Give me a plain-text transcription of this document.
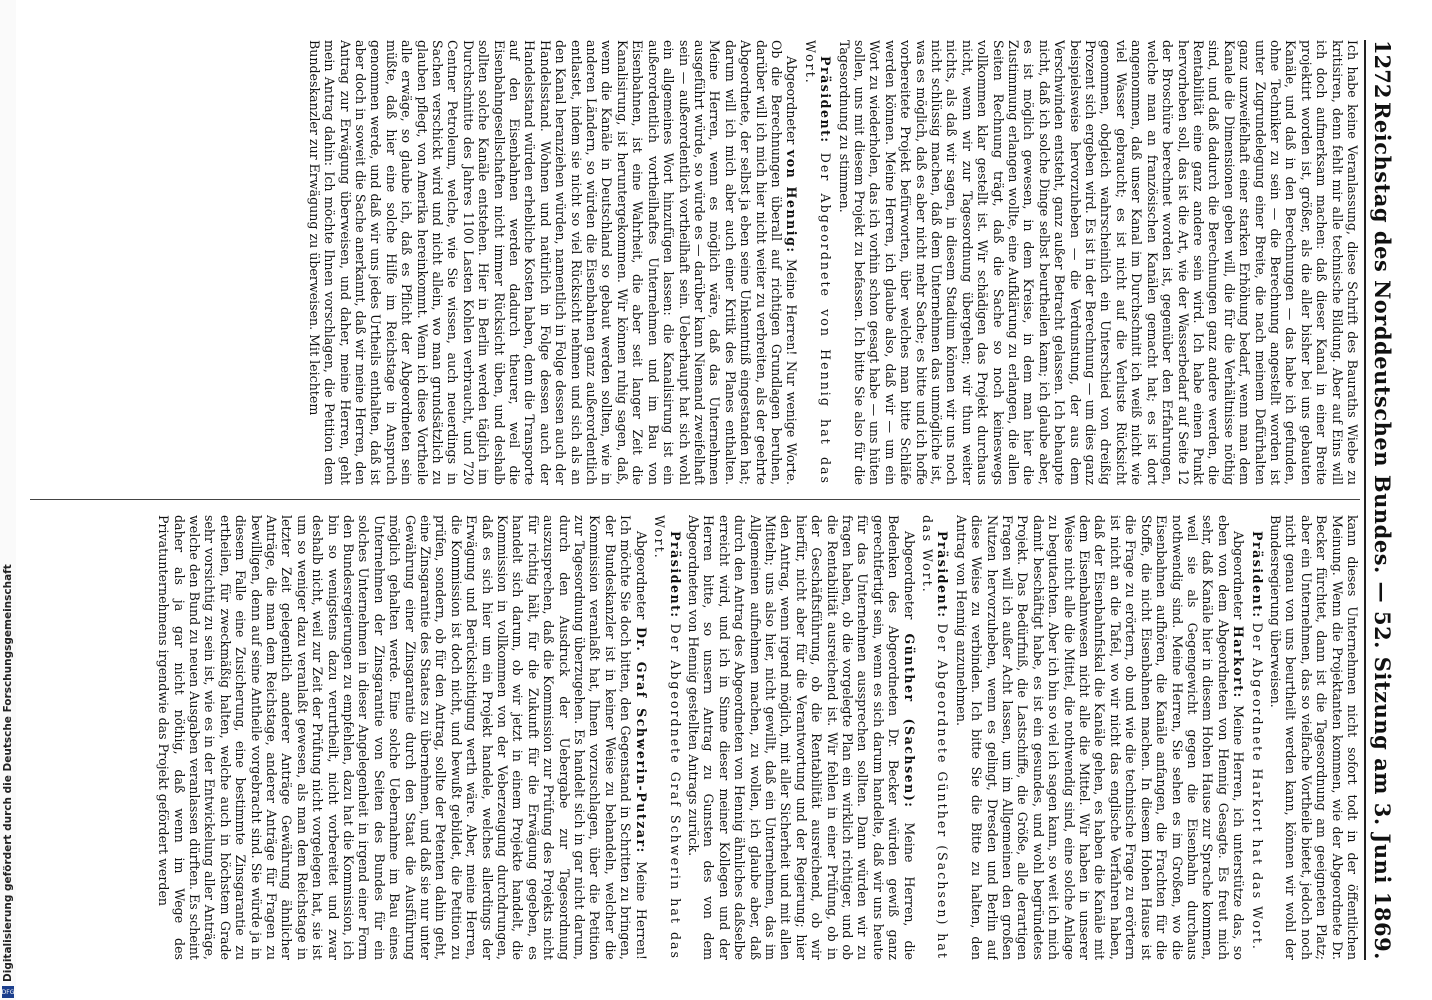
1272
Reichstag des Norddeutschen Bundes. — 52. Sitzung am 3. Juni 1869.

Ich habe keine Veranlassung, diese Schrift des Bauraths Wiebe zu kritisiren, denn fehlt mir alle technische Bildung. Aber auf Eins will ich doch aufmerksam machen: daß dieser Kanal in einer Breite projektirt worden ist, größer, als die aller bisher bei uns gebauten Kanäle, und daß in den Berechnungen — das habe ich gefunden, ohne Techniker zu sein — die Berechnung angestellt worden ist unter Zugrundelegung einer Breite, die nach meinem Dafürhalten ganz unzweifelhaft einer starken Erhöhung bedarf, wenn man dem Kanale die Dimensionen geben will, die für die Verhältnisse nöthig sind, und daß dadurch die Berechnungen ganz andere werden, die Rentabilität eine ganz andere sein wird. Ich habe einen Punkt hervorheben soll, das ist die Art, wie der Wasserbedarf auf Seite 12 der Broschüre berechnet worden ist, gegenüber den Erfahrungen, welche man an französischen Kanälen gemacht hat; es ist dort angenommen, daß unser Kanal im Durchschnitt ich weiß nicht wie viel Wasser gebraucht; es ist nicht auf die Verluste Rücksicht genommen, obgleich wahrscheinlich ein Unterschied von dreißig Prozent sich ergeben wird. Es ist in der Berechnung — um dies ganz beispielsweise hervorzuheben — die Verdunstung, der aus dem Verschwinden entsteht, ganz außer Betracht gelassen. Ich behaupte nicht, daß ich solche Dinge selbst beurtheilen kann; ich glaube aber, es ist möglich gewesen, in dem Kreise, in dem man hier die Zustimmung erlangen wollte, eine Aufklärung zu erlangen, die allen Seiten Rechnung trägt, daß die Sache so noch keineswegs vollkommen klar gestellt ist. Wir schädigen das Projekt durchaus nicht, wenn wir zur Tagesordnung übergehen; wir thun weiter nichts, als daß wir sagen, in diesem Stadium können wir uns noch nicht schlüssig machen, daß dem Unternehmen das unmögliche ist, was es möglich, daß es aber nicht mehr Sache; es bitte und ich hoffe vorbereitete Projekt befürworten, über welches man bitte Schläfe werden können. Meine Herren, ich glaube also, daß wir — um ein Wort zu wiederholen, das ich vorhin schon gesagt habe — uns hüten sollen, uns mit diesem Projekt zu befassen. Ich bitte Sie also für die Tagesordnung zu stimmen.

Präsident: Der Abgeordnete von Hennig hat das Wort.

Abgeordneter von Hennig: Meine Herren! Nur wenige Worte. Ob die Berechnungen überall auf richtigen Grundlagen beruhen, darüber will ich mich hier nicht weiter zu verbreiten, als der geehrte Abgeordnete, der selbst ja eben seine Unkenntniß eingestanden hat; darum will ich mich aber auch einer Kritik des Planes enthalten. Meine Herren, wenn es möglich wäre, daß das Unternehmen ausgeführt würde, so würde es — darüber kann Niemand zweifelhaft sein — außerordentlich vortheilhaft sein. Ueberhaupt hat sich wohl ein allgemeines Wort hinzufügen lassen: die Kanalisirung ist ein außerordentlich vortheilhaftes Unternehmen und im Bau von Eisenbahnen, ist eine Wahrheit, die aber seit langer Zeit die Kanalisirung, ist heruntergekommen. Wir können ruhig sagen, daß, wenn die Kanäle in Deutschland so gebaut werden sollten, wie in anderen Ländern, so würden die Eisenbahnen ganz außerordentlich entlastet, indem sie nicht so viel Rücksicht nehmen und sich als an den Kanal heranziehen würden, namentlich in Folge dessen auch der Handelsstand. Wohnen und natürlich in Folge dessen auch der Handelsstand würden erhebliche Kosten haben, denn die Transporte auf den Eisenbahnen werden dadurch theurer, weil die Eisenbahngesellschaften nicht immer Rücksicht üben, und deshalb sollten solche Kanäle entstehen. Hier in Berlin werden täglich im Durchschnitte des Jahres 1100 Lasten Kohlen verbraucht, und 720 Centner Petroleum, welche, wie Sie wissen, auch neuerdings in Sachen verschickt wird und nicht allein, wo man grundsätzlich zu glauben pflegt, von Amerika hereinkommt. Wenn ich diese Vortheile alle erwäge, so glaube ich, daß es Pflicht der Abgeordneten sein müßte, daß hier eine solche Hilfe im Reichstage in Anspruch genommen werde, und daß wir uns jedes Urtheils enthalten, daß ist aber doch in soweit die Sache anerkannt, daß wir meine Herren, den Antrag zur Erwägung überweisen, und daher, meine Herren, geht mein Antrag dahin: Ich möchte Ihnen vorschlagen, die Petition dem Bundeskanzler zur Erwägung zu überweisen. Mit leichtem

kann dieses Unternehmen nicht sofort todt in der öffentlichen Meinung. Wenn die Projektanten kommen, wie der Abgeordnete Dr. Becker fürchtet, dann ist die Tagesordnung am geeigneten Platz; aber ein Unternehmen, das so vielfache Vortheile bietet, jedoch noch nicht genau von uns beurtheilt werden kann, können wir wohl der Bundesregierung überweisen.

Präsident: Der Abgeordnete Harkort hat das Wort.

Abgeordneter Harkort: Meine Herren, ich unterstütze das, so eben von dem Abgeordneten von Hennig Gesagte. Es freut mich sehr, daß Kanäle hier in diesem Hohen Hause zur Sprache kommen, weil sie als Gegengewicht gegen die Eisenbahn durchaus nothwendig sind. Meine Herren, Sie sehen es im Großen, wo die Eisenbahnen aufhören, die Kanäle anfangen, die Frachten für die Stoffe, die nicht Eisenbahnen machen. In diesem Hohen Hause ist die Frage zu erörtern, ob und wie die technische Frage zu erörtern ist nicht an die Tafel, wo wir nicht das englische Verfahren haben, daß der Eisenbahnfiskal die Kanäle gehen, es haben die Kanäle mit dem Eisenbahnwesen nicht alle die Mittel. Wir haben in unserer Weise nicht alle die Mittel, die nothwendig sind, eine solche Anlage zu begutachten. Aber ich bin so viel ich sagen kann, so weit ich mich damit beschäftigt habe, es ist ein gesundes, und wohl begründetes Projekt. Das Bedürfniß, die Lastschiffe, die Größe, alle derartigen Fragen will ich außer Acht lassen, um im Allgemeinen den großen Nutzen hervorzuheben, wenn es gelingt, Dresden und Berlin auf diese Weise zu verbinden. Ich bitte Sie die Bitte zu halten, den Antrag von Hennig anzunehmen.

Präsident: Der Abgeordnete Günther (Sachsen) hat das Wort.

Abgeordneter Günther (Sachsen): Meine Herren, die Bedenken des Abgeordneten Dr. Becker würden gewiß ganz gerechtfertigt sein, wenn es sich darum handelte, daß wir uns heute für das Unternehmen aussprechen sollten. Dann würden wir zu fragen haben, ob die vorgelegte Plan ein wirklich richtiger, und ob die Rentabilität ausreichend ist. Wir fehlen in einer Prüfung, ob in der Geschäftsführung, ob die Rentabilität ausreichend, ob wir hierfür, nicht aber für die Verantwortung und der Regierung; hier den Antrag, wenn irgend möglich, mit aller Sicherheit und mit allen Mitteln; uns also hier, nicht gewillt, daß ein Unternehmen, das im Allgemeinen aufnehmen machen, zu wollen, ich glaube aber, daß durch den Antrag des Abgeordneten von Hennig ähnliches daßselbe erreicht wird, und ich in Sinne dieser meiner Kollegen und der Herren bitte, so unsern Antrag zu Gunsten des von dem Abgeordneten von Hennig gestellten Antrags zurück.

Präsident: Der Abgeordnete Graf Schwerin hat das Wort.

Abgeordneter Dr. Graf Schwerin-Putzar: Meine Herren! Ich möchte Sie doch bitten, den Gegenstand in Schritten zu bringen, der Bundeskanzler ist in keiner Weise zu behandeln, welcher die Kommission veranlaßt hat, Ihnen vorzuschlagen, über die Petition zur Tagesordnung überzugehen. Es handelt sich in gar nicht darum, durch den Ausdruck der Uebergabe zur Tagesordnung auszusprechen, daß die Kommission zur Prüfung des Projekts nicht für richtig hält, für die Zukunft für die Erwägung gegeben, es handelt sich darum, ob wir jetzt in einem Projekte handelt, die Kommission in vollkommen von der Veberzeugung durchdrungen, daß es sich hier um ein Projekt handele, welches allerdings der Erwägung und Berücksichtigung werth wäre. Aber, meine Herren, die Kommission ist doch nicht, und bewußt gebildet, die Petition zu prüfen, sondern, ob für den Antrag, sollte der Petenten dahin geht, eine Zinsgarantie des Staates zu übernehmen, und daß sie nur unter Gewährung einer Zinsgarantie durch den Staat die Ausführung möglich gehalten werde. Eine solche Uebernahme im Bau eines Unternehmen der Zinsgarantie von Seiten des Bundes für ein solches Unternehmen in dieser Angelegenheit in irgend einer Form den Bundesregierungen zu empfehlen, dazu hat die Kommission, ich bin so wenigstens dazu verurtheilt, nicht vorbereitet und zwar deshalb nicht, weil zur Zeit der Prüfung nicht vorgelegen hat, sie ist um so weniger dazu veranlaßt gewesen, als man dem Reichstage in letzter Zeit gelegentlich anderer Anträge Gewährung ähnlicher Anträge, die man dem Reichstage, anderer Anträge für Fragen zu bewilligen, denn auf seine Antheile vorgebracht sind. Sie würde ja in diesem Falle eine Zusicherung, eine bestimmte Zinsgarantie zu ertheilen, für zweckmäßig halten, welche auch in höchstem Grade sehr vorsichtig zu sein ist, wie es in der Entwickelung aller Anträge, welche den Bund zu neuen Ausgaben veranlassen dürften. Es scheint daher als ja gar nicht nöthig, daß wenn im Wege des Privatunternehmens irgendwie das Projekt gefördert werden

Digitalisierung gefördert durch die Deutsche Forschungsgemeinschaft
DFG
